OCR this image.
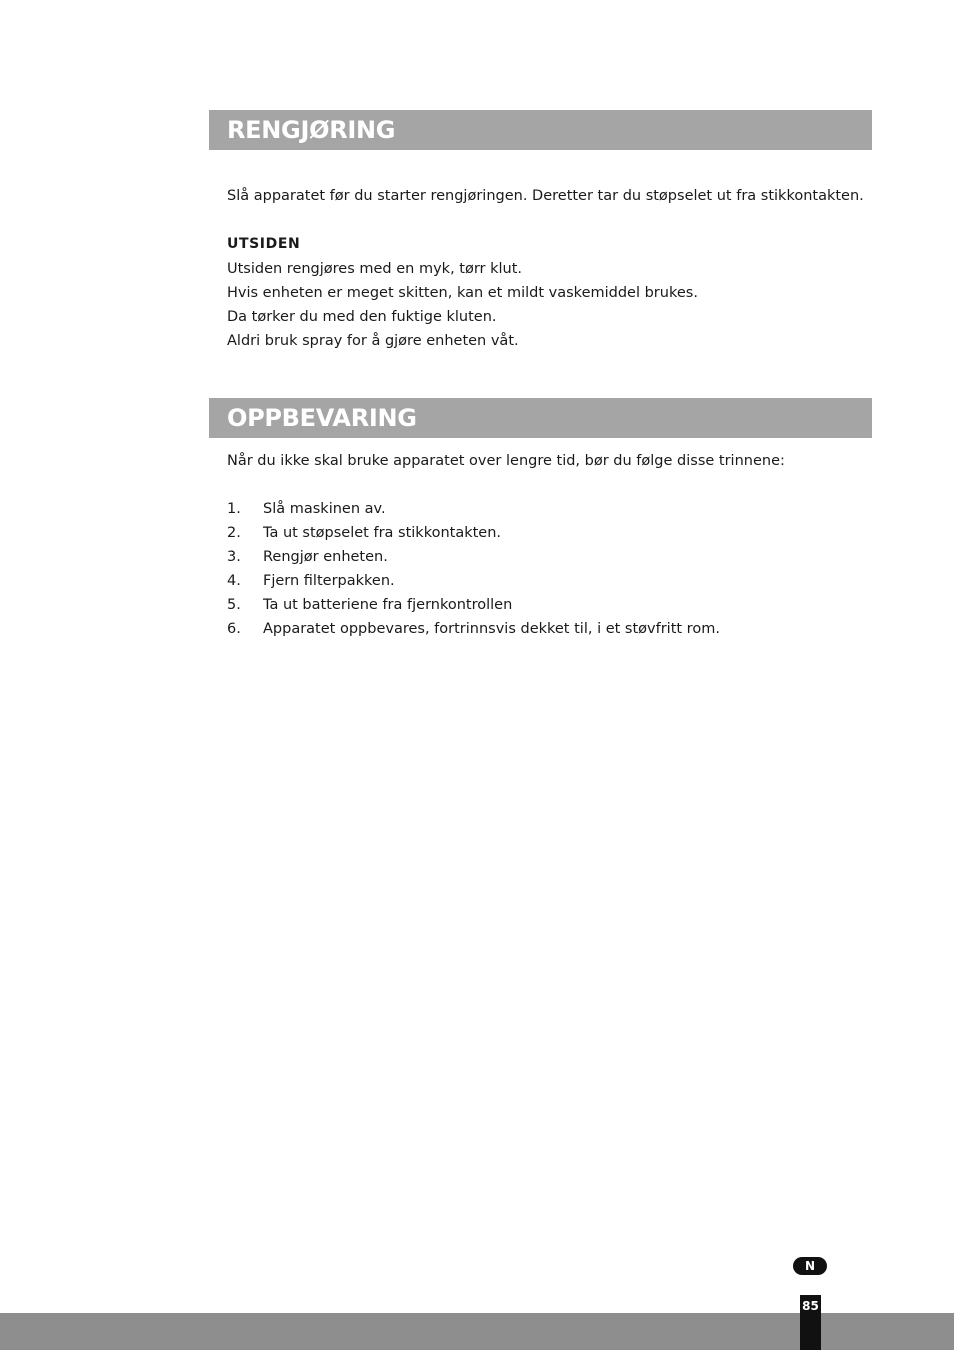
RENGJØRING
Slå apparatet før du starter rengjøringen. Deretter tar du støpselet ut fra stikkontakten.
UTSIDEN
Utsiden rengjøres med en myk, tørr klut.
Hvis enheten er meget skitten, kan et mildt vaskemiddel brukes.
Da tørker du med den fuktige kluten.
Aldri bruk spray for å gjøre enheten våt.
OPPBEVARING
Når du ikke skal bruke apparatet over lengre tid, bør du følge disse trinnene:
1. Slå maskinen av.
2. Ta ut støpselet fra stikkontakten.
3. Rengjør enheten.
4. Fjern filterpakken.
5. Ta ut batteriene fra fjernkontrollen
6. Apparatet oppbevares, fortrinnsvis dekket til, i et støvfritt rom.
N
85
